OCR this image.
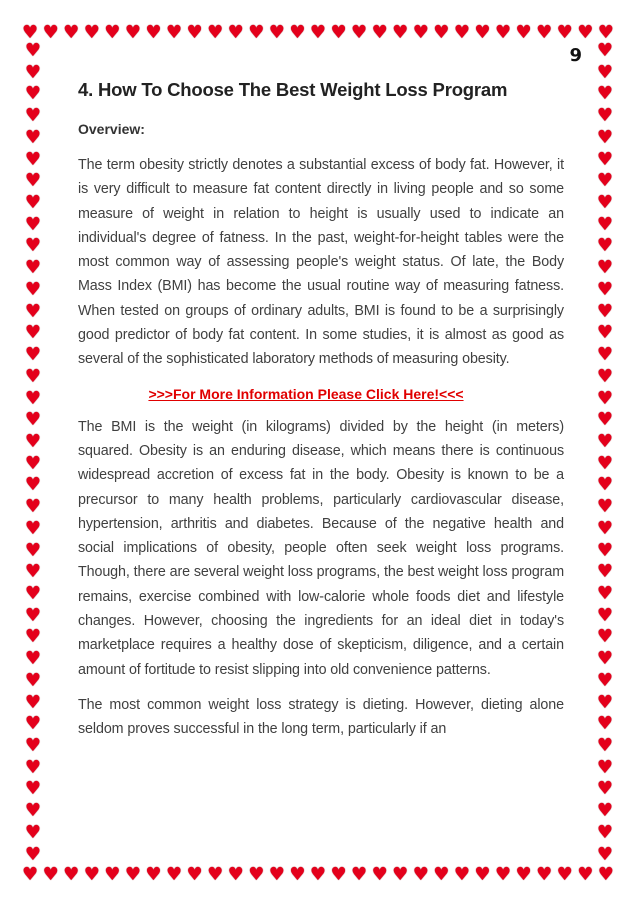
♥ ♥ ♥ ♥ ♥ ♥ ♥ ♥ ♥ ♥ ♥ ♥ ♥ ♥ ♥ ♥ ♥ ♥ ♥ ♥ ♥ ♥ ♥ ♥ ♥ ♥ ♥ ♥ ♥
♥ ♥ ♥ ♥ ♥ ♥ ♥ ♥ ♥ ♥ ♥ ♥ ♥ ♥ ♥ ♥ ♥ ♥ ♥ ♥ ♥ ♥ ♥ ♥ ♥ ♥ ♥ ♥ ♥
♥
♥
♥
♥
♥
♥
♥
♥
♥
♥
♥
♥
♥
♥
♥
♥
♥
♥
♥
♥
♥
♥
♥
♥
♥
♥
♥
♥
♥
♥
♥
♥
♥
♥
♥
♥
♥
♥
♥
♥
♥
♥
♥
♥
♥
♥
♥
♥
♥
♥
♥
♥
♥
♥
♥
♥
♥
♥
♥
♥
♥
♥
♥
♥
♥
♥
♥
♥
♥
♥
♥
♥
♥
♥
♥
♥
9
4. How To Choose The Best Weight Loss Program
Overview:

The term obesity strictly denotes a substantial excess of body fat. However, it is very difficult to measure fat content directly in living people and so some measure of weight in relation to height is usually used to indicate an individual's degree of fatness. In the past, weight-for-height tables were the most common way of assessing people's weight status. Of late, the Body Mass Index (BMI) has become the usual routine way of measuring fatness. When tested on groups of ordinary adults, BMI is found to be a surprisingly good predictor of body fat content. In some studies, it is almost as good as several of the sophisticated laboratory methods of measuring obesity.

>>>For More Information Please Click Here!<<<

The BMI is the weight (in kilograms) divided by the height (in meters) squared. Obesity is an enduring disease, which means there is continuous widespread accretion of excess fat in the body. Obesity is known to be a precursor to many health problems, particularly cardiovascular disease, hypertension, arthritis and diabetes. Because of the negative health and social implications of obesity, people often seek weight loss programs. Though, there are several weight loss programs, the best weight loss program remains, exercise combined with low-calorie whole foods diet and lifestyle changes. However, choosing the ingredients for an ideal diet in today's marketplace requires a healthy dose of skepticism, diligence, and a certain amount of fortitude to resist slipping into old convenience patterns.

The most common weight loss strategy is dieting. However, dieting alone seldom proves successful in the long term, particularly if an
